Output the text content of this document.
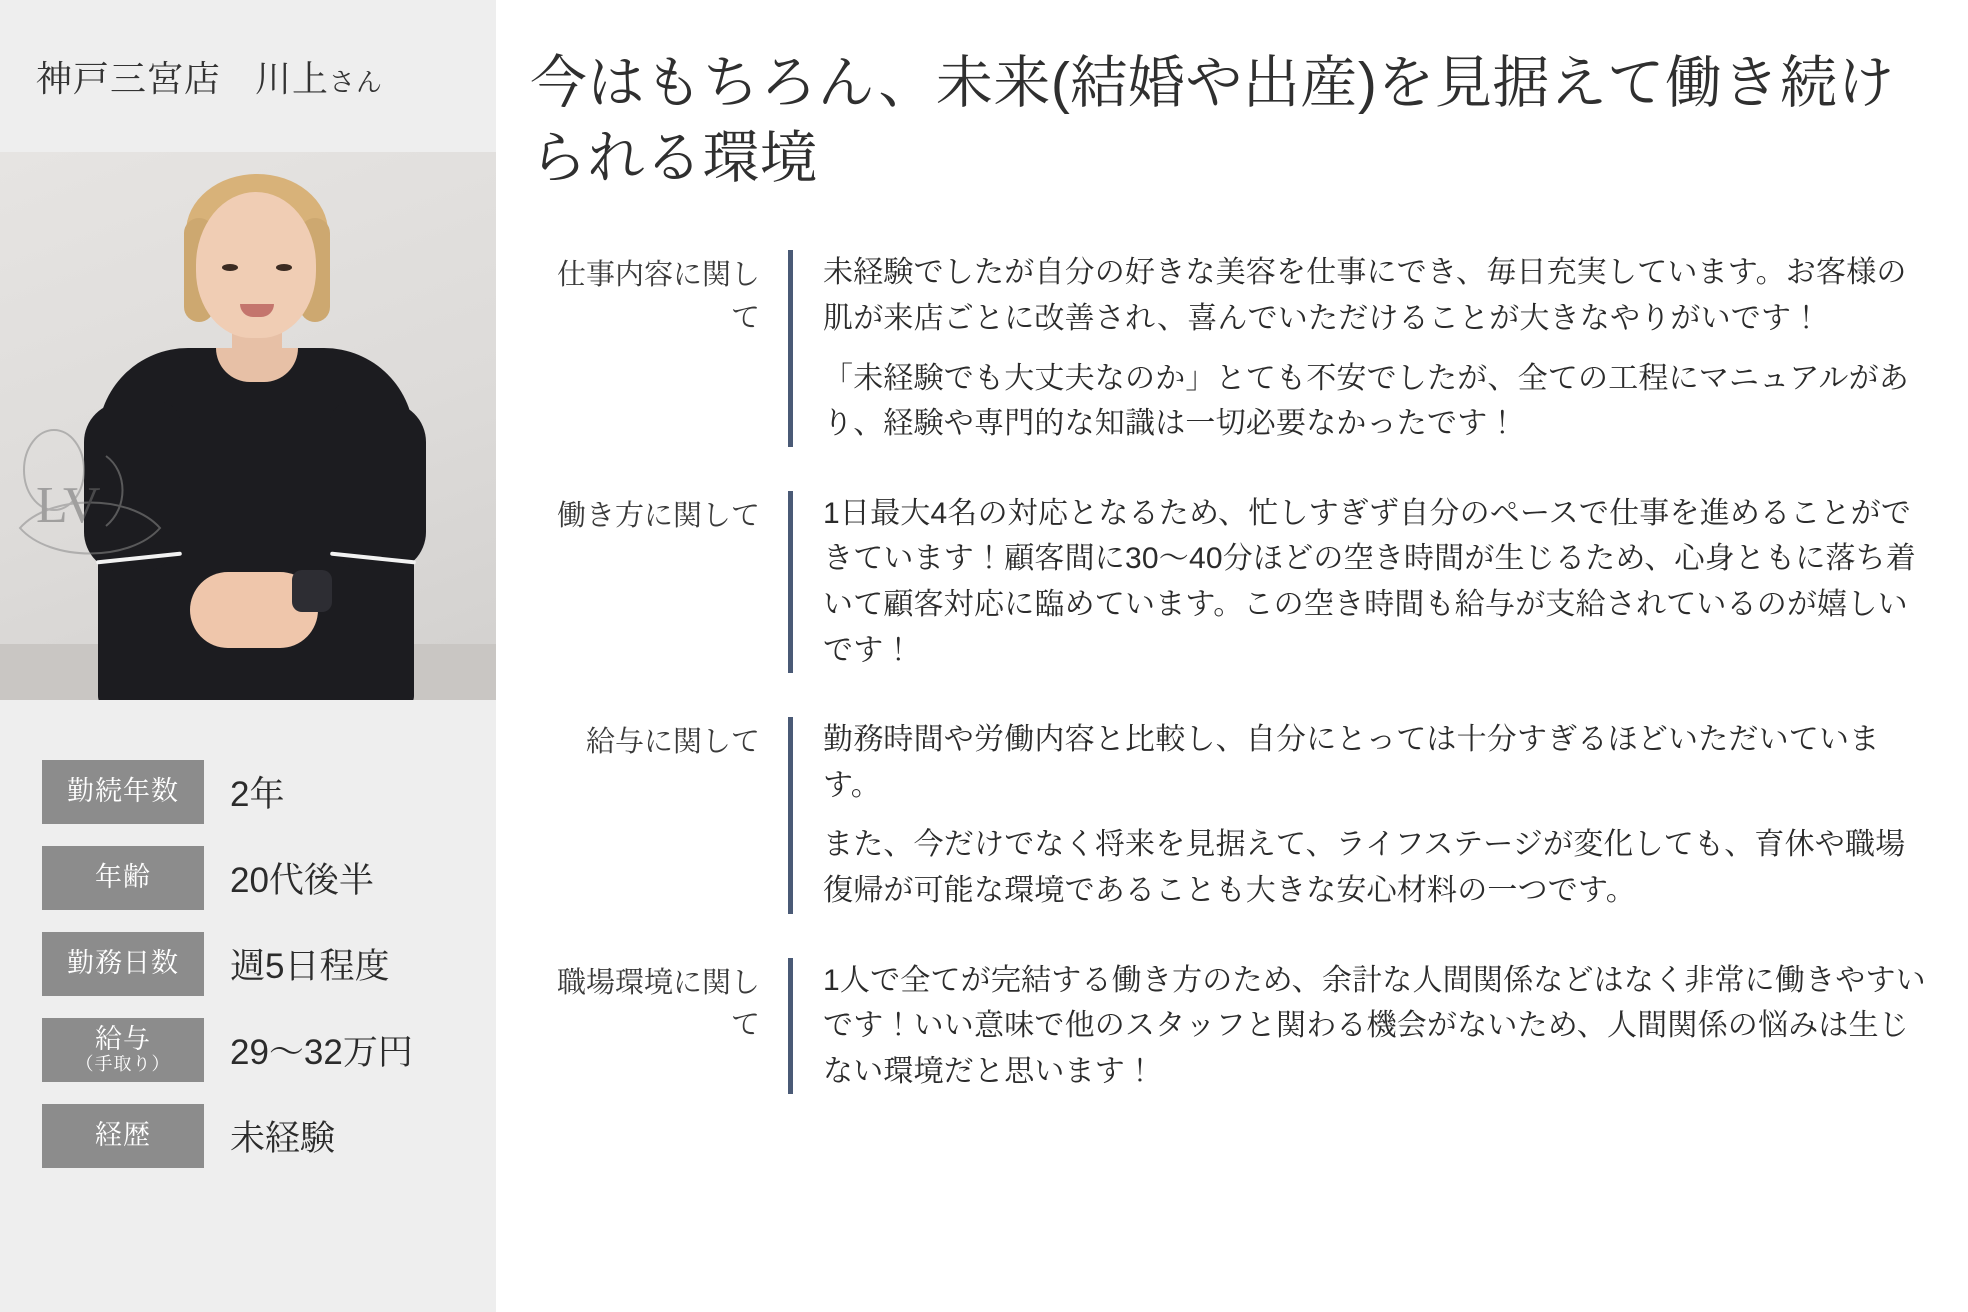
神戸三宮店 川上さん
LV
勤続年数 2年
年齢 20代後半
勤務日数 週5日程度
給与
（手取り） 29〜32万円
経歴 未経験
今はもちろん、未来(結婚や出産)を見据えて働き続けられる環境
仕事内容に関して

未経験でしたが自分の好きな美容を仕事にでき、毎日充実しています。お客様の肌が来店ごとに改善され、喜んでいただけることが大きなやりがいです！

「未経験でも大丈夫なのか」とても不安でしたが、全ての工程にマニュアルがあり、経験や専門的な知識は一切必要なかったです！

働き方に関して	1日最大4名の対応となるため、忙しすぎず自分のペースで仕事を進めることができています！顧客間に30〜40分ほどの空き時間が生じるため、心身ともに落ち着いて顧客対応に臨めています。この空き時間も給与が支給されているのが嬉しいです！

給与に関して	勤務時間や労働内容と比較し、自分にとっては十分すぎるほどいただいています。

また、今だけでなく将来を見据えて、ライフステージが変化しても、育休や職場復帰が可能な環境であることも大きな安心材料の一つです。

職場環境に関して

1人で全てが完結する働き方のため、余計な人間関係などはなく非常に働きやすいです！いい意味で他のスタッフと関わる機会がないため、人間関係の悩みは生じない環境だと思います！
